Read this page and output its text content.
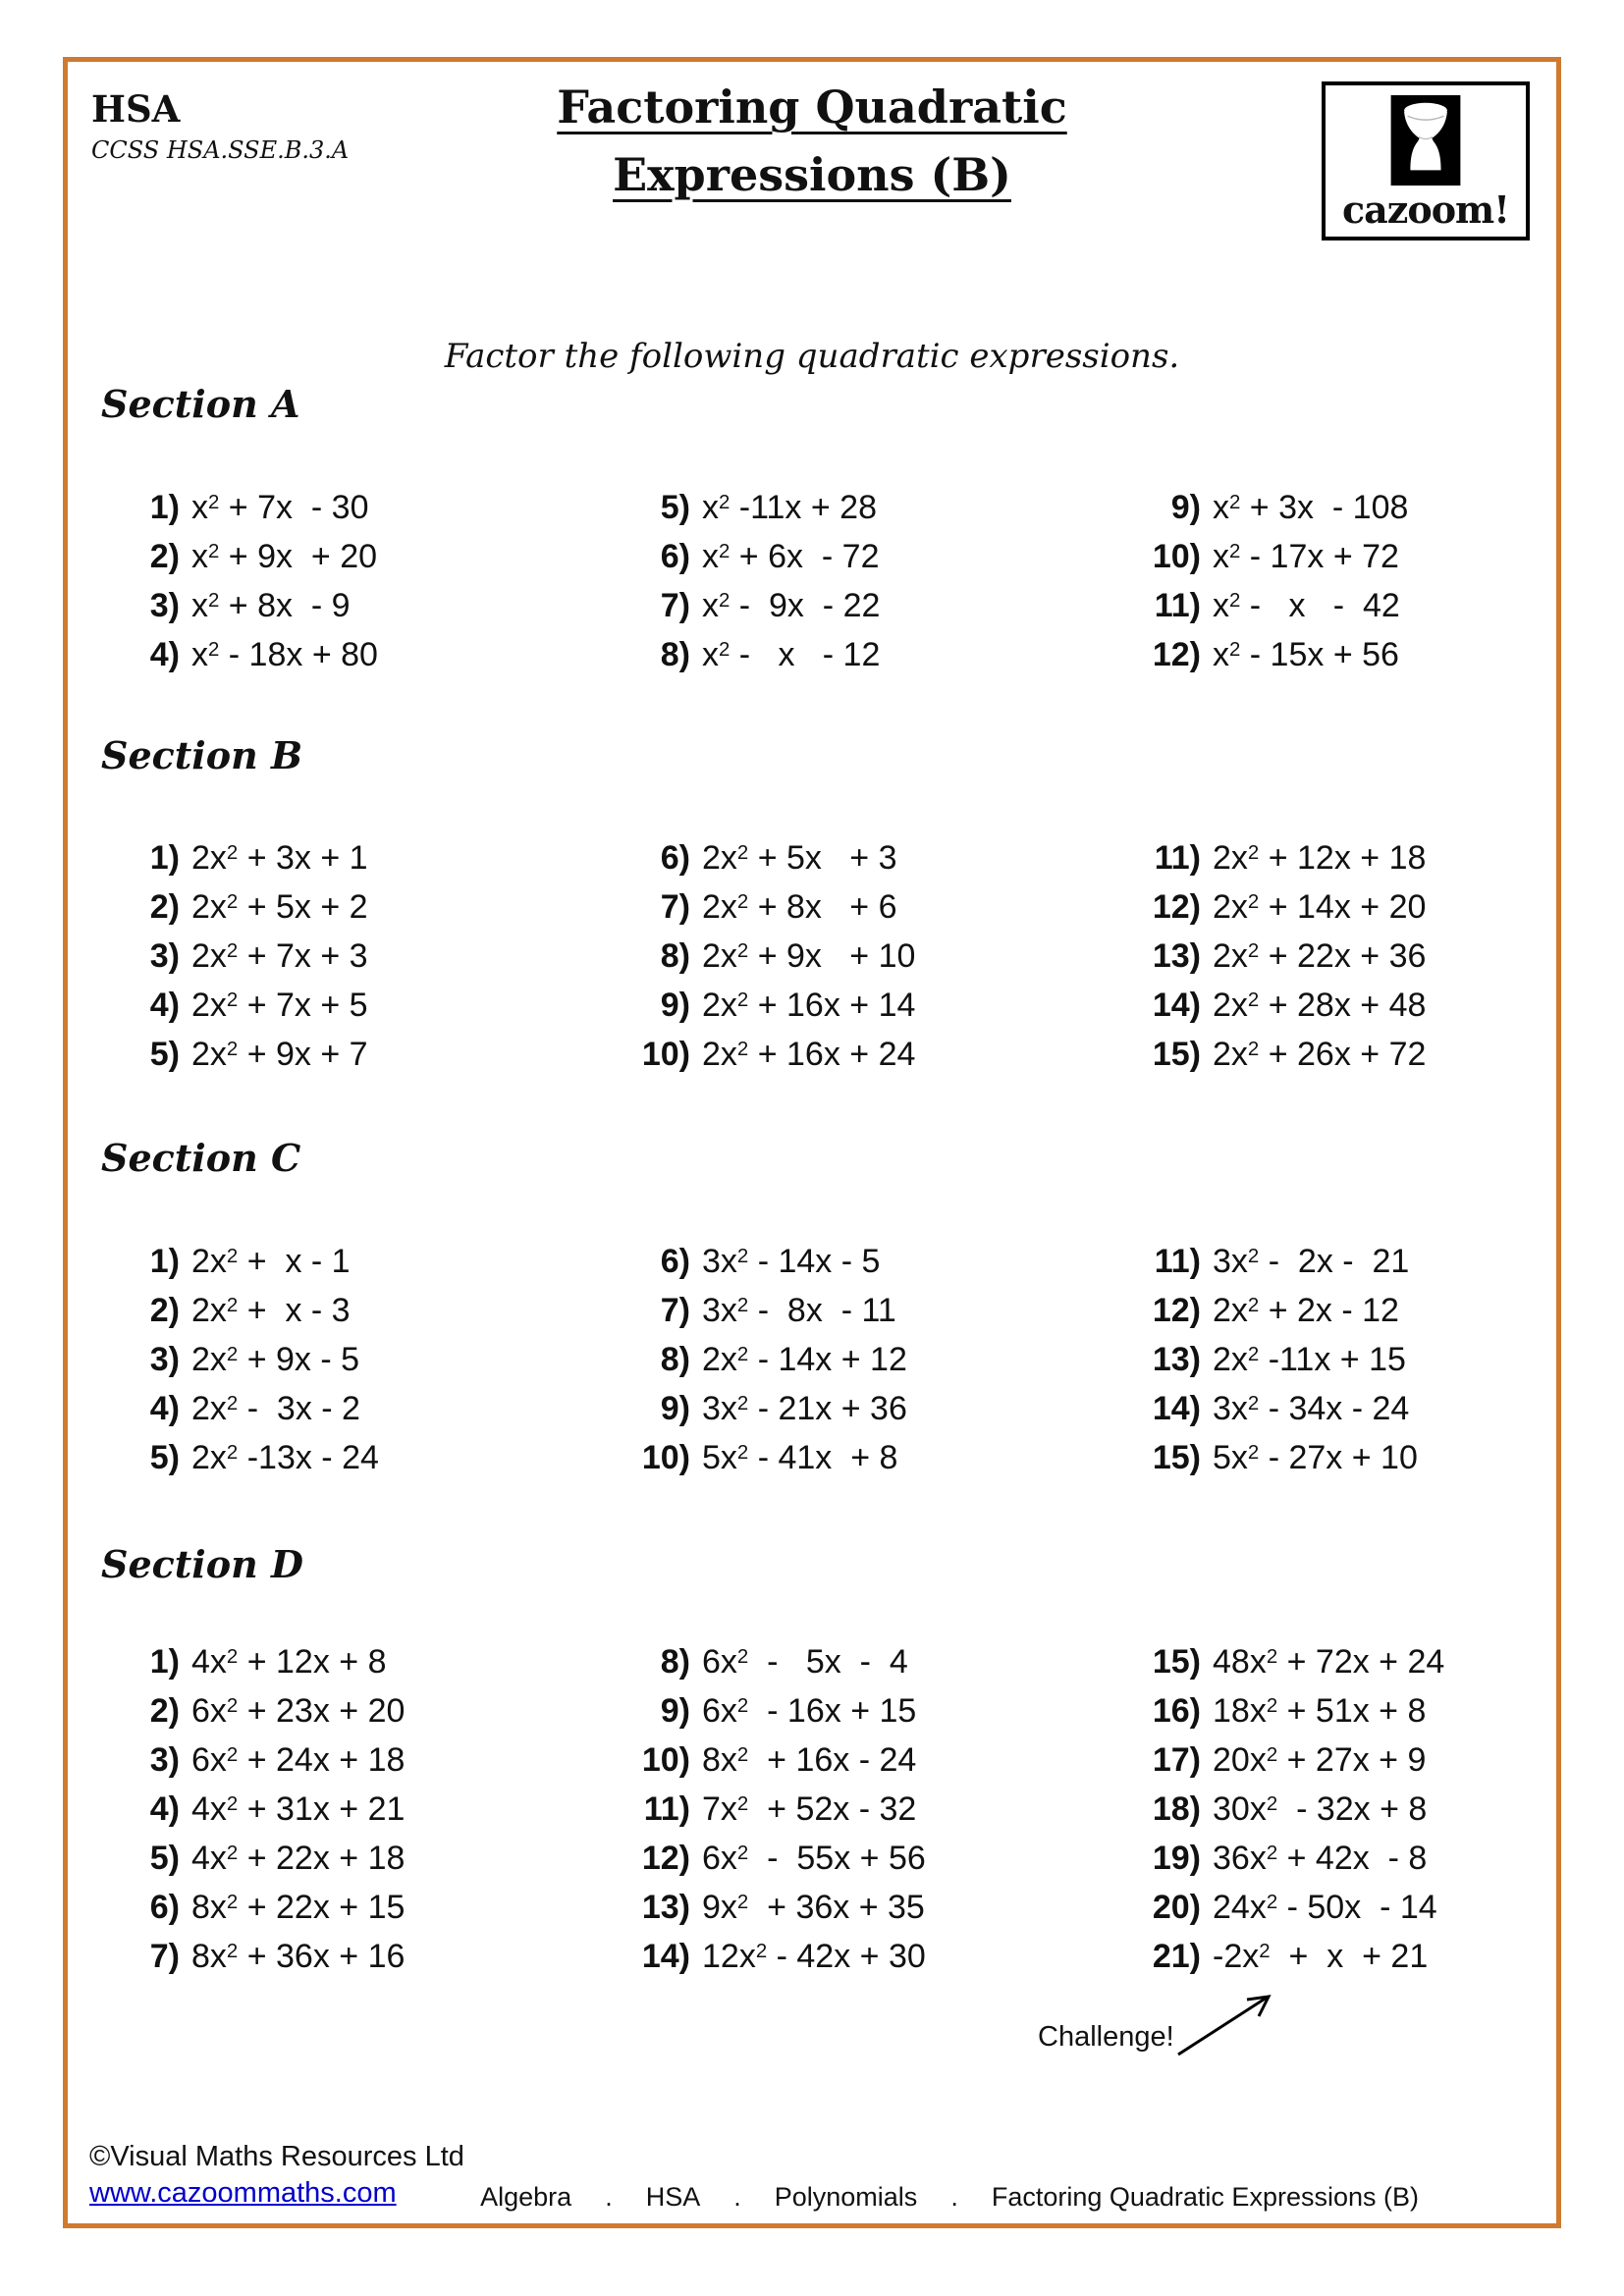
HSA
CCSS HSA.SSE.B.3.A
Factoring Quadratic
Expressions (B)
cazoom!
Factor the following quadratic expressions.
Section A
1) $x^2 + 7x - 30$
2) $x^2 + 9x + 20$
3) $x^2 + 8x - 9$
4) $x^2 - 18x + 80$
5) $x^2$ -11x + 28
6) $x^2 + 6x - 72$
7) $x^2 - 9x - 22$
8) $x^2$ -   x   - 12
9) $x^2 + 3x - 108$
10) $x^2 - 17x + 72$
11) $x^2$ -   x   -  42
12) $x^2 - 15x + 56$
Section B
1) $2x^2 + 3x + 1$
2) $2x^2 + 5x + 2$
3) $2x^2 + 7x + 3$
4) $2x^2 + 7x + 5$
5) $2x^2 + 9x + 7$
6) $2x^2 + 5x + 3$
7) $2x^2 + 8x + 6$
8) $2x^2 + 9x + 10$
9) $2x^2 + 16x + 14$
10) $2x^2 + 16x + 24$
11) $2x^2 + 12x + 18$
12) $2x^2 + 14x + 20$
13) $2x^2 + 22x + 36$
14) $2x^2 + 28x + 48$
15) $2x^2 + 26x + 72$
Section C
1) $2x^2 + x - 1$
2) $2x^2 + x - 3$
3) $2x^2 + 9x - 5$
4) $2x^2 - 3x - 2$
5) $2x^2$ -13x - 24
6) $3x^2 - 14x - 5$
7) $3x^2 - 8x - 11$
8) $2x^2 - 14x + 12$
9) $3x^2 - 21x + 36$
10) $5x^2 - 41x + 8$
11) $3x^2 - 2x - 21$
12) $2x^2 + 2x - 12$
13) $2x^2$ -11x + 15
14) $3x^2 - 34x - 24$
15) $5x^2 - 27x + 10$
Section D
1) $4x^2 + 12x + 8$
2) $6x^2 + 23x + 20$
3) $6x^2 + 24x + 18$
4) $4x^2 + 31x + 21$
5) $4x^2 + 22x + 18$
6) $8x^2 + 22x + 15$
7) $8x^2 + 36x + 16$
8) $6x^2 - 5x - 4$
9) $6x^2 - 16x + 15$
10) $8x^2 + 16x - 24$
11) $7x^2 + 52x - 32$
12) $6x^2 - 55x + 56$
13) $9x^2 + 36x + 35$
14) $12x^2 - 42x + 30$
15) $48x^2 + 72x + 24$
16) $18x^2 + 51x + 8$
17) $20x^2 + 27x + 9$
18) $30x^2 - 32x + 8$
19) $36x^2 + 42x - 8$
20) $24x^2 - 50x - 14$
21) $-2x^2 + x + 21$
Challenge!
©Visual Maths Resources Ltd
www.cazoommaths.com	Algebra . HSA . Polynomials . Factoring Quadratic Expressions (B)
